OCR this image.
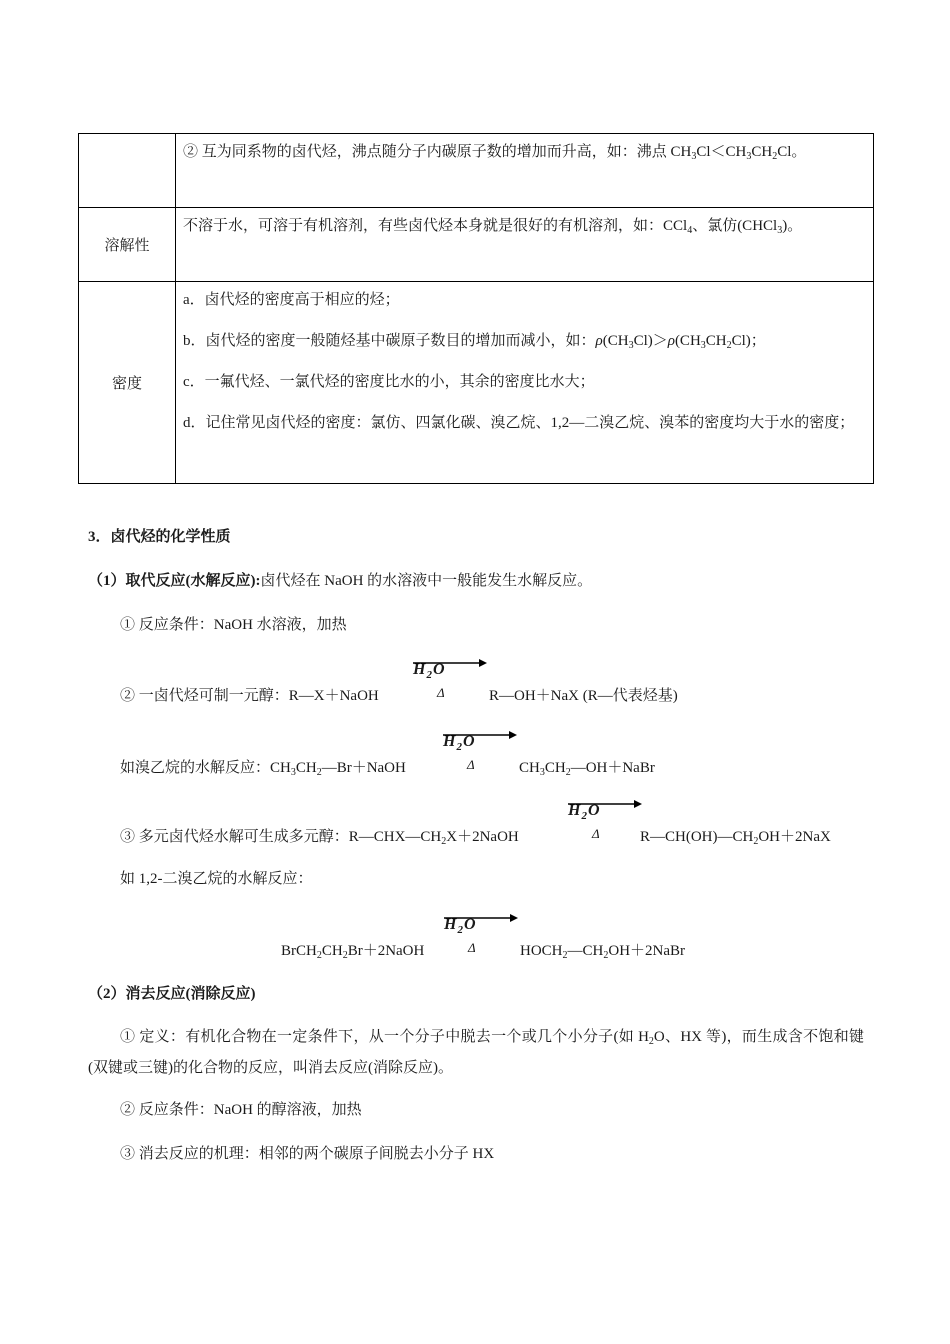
	② 互为同系物的卤代烃，沸点随分子内碳原子数的增加而升高，如：沸点 $CH_3Cl<CH_3CH_2Cl$。
溶解性	不溶于水，可溶于有机溶剂，有些卤代烃本身就是很好的有机溶剂，如：CCl$_4$、氯仿(CHCl$_3$)。
密度	a．卤代烃的密度高于相应的烃；

b．卤代烃的密度一般随烃基中碳原子数目的增加而减小，如：$\rho(CH_3Cl)>\rho(CH_3CH_2Cl)$；

c．一氟代烃、一氯代烃的密度比水的小，其余的密度比水大；

d．记住常见卤代烃的密度：氯仿、四氯化碳、溴乙烷、1,2—二溴乙烷、溴苯的密度均大于水的密度；

3．卤代烃的化学性质
（1）取代反应(水解反应):卤代烃在 NaOH 的水溶液中一般能发生水解反应。
① 反应条件：NaOH 水溶液，加热
② 一卤代烃可制一元醇：R—X＋NaOH
$H_2O$
Δ	R—OH＋NaX (R—代表烃基)
如溴乙烷的水解反应：$CH_3CH_2—Br+NaOH$
$H_2O$
Δ	$CH_3CH_2—OH+NaBr$
③ 多元卤代烃水解可生成多元醇：$R—CHX—CH_2X+2NaOH$
$H_2O$
Δ	$R—CH(OH)—CH_2OH+2NaX$
如 1,2-二溴乙烷的水解反应：
$BrCH_2CH_2Br+2NaOH$
$H_2O$
Δ	$HOCH_2—CH_2OH+2NaBr$
（2）消去反应(消除反应)
① 定义：有机化合物在一定条件下，从一个分子中脱去一个或几个小分子(如 $H_2O$、HX 等)，而生成含不饱和键(双键或三键)的化合物的反应，叫消去反应(消除反应)。
② 反应条件：NaOH 的醇溶液，加热
③ 消去反应的机理：相邻的两个碳原子间脱去小分子 HX
